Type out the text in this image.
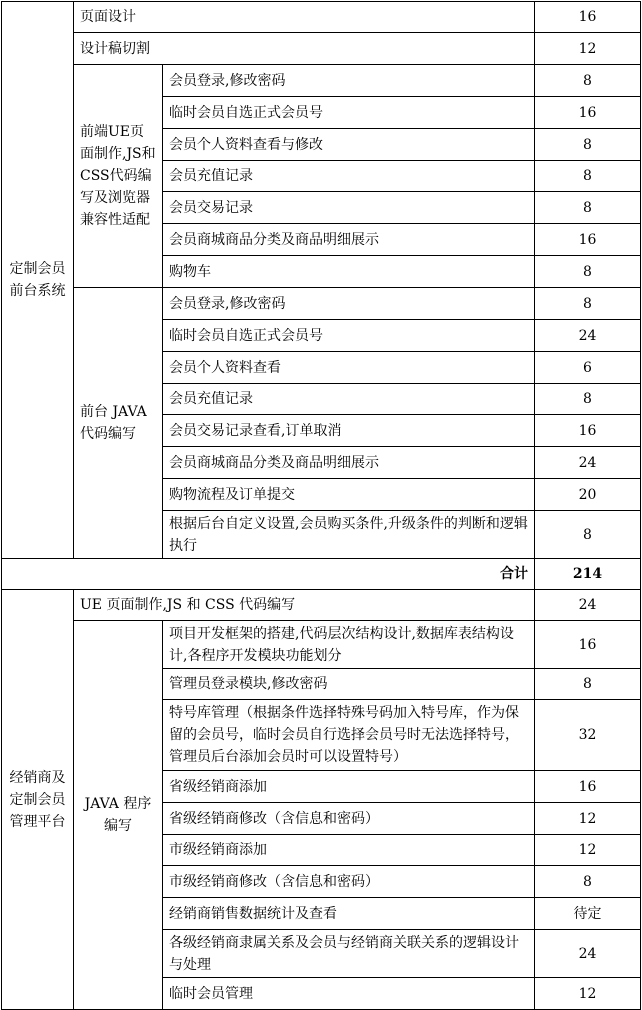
定制会员前台系统	页面设计		16
	设计稿切割		12
	前端UE页面制作,JS和CSS代码编写及浏览器兼容性适配	会员登录,修改密码	8
		临时会员自选正式会员号	16
		会员个人资料查看与修改	8
		会员充值记录	8
		会员交易记录	8
		会员商城商品分类及商品明细展示	16
		购物车	8
	前台 JAVA代码编写	会员登录,修改密码	8
		临时会员自选正式会员号	24
		会员个人资料查看	6
		会员充值记录	8
		会员交易记录查看,订单取消	16
		会员商城商品分类及商品明细展示	24
		购物流程及订单提交	20
		根据后台自定义设置,会员购买条件,升级条件的判断和逻辑执行	8
合计			214
经销商及定制会员管理平台	UE 页面制作,JS 和 CSS 代码编写		24
	JAVA 程序编写	项目开发框架的搭建,代码层次结构设计,数据库表结构设计,各程序开发模块功能划分	16
		管理员登录模块,修改密码	8
		特号库管理（根据条件选择特殊号码加入特号库，作为保留的会员号，临时会员自行选择会员号时无法选择特号，管理员后台添加会员时可以设置特号）	32
		省级经销商添加	16
		省级经销商修改（含信息和密码）	12
		市级经销商添加	12
		市级经销商修改（含信息和密码）	8
		经销商销售数据统计及查看	待定
		各级经销商隶属关系及会员与经销商关联关系的逻辑设计与处理	24
		临时会员管理	12
